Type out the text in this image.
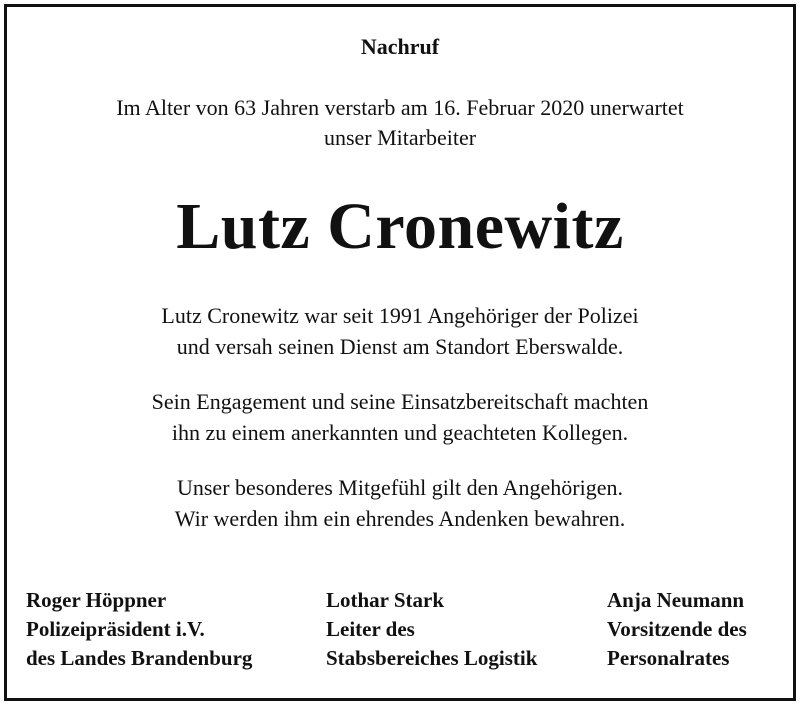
Nachruf
Im Alter von 63 Jahren verstarb am 16. Februar 2020 unerwartet
unser Mitarbeiter
Lutz Cronewitz
Lutz Cronewitz war seit 1991 Angehöriger der Polizei
und versah seinen Dienst am Standort Eberswalde.
Sein Engagement und seine Einsatzbereitschaft machten
ihn zu einem anerkannten und geachteten Kollegen.
Unser besonderes Mitgefühl gilt den Angehörigen.
Wir werden ihm ein ehrendes Andenken bewahren.
Roger Höppner
Polizeipräsident i.V.
des Landes Brandenburg
Lothar Stark
Leiter des
Stabsbereiches Logistik
Anja Neumann
Vorsitzende des
Personalrates
